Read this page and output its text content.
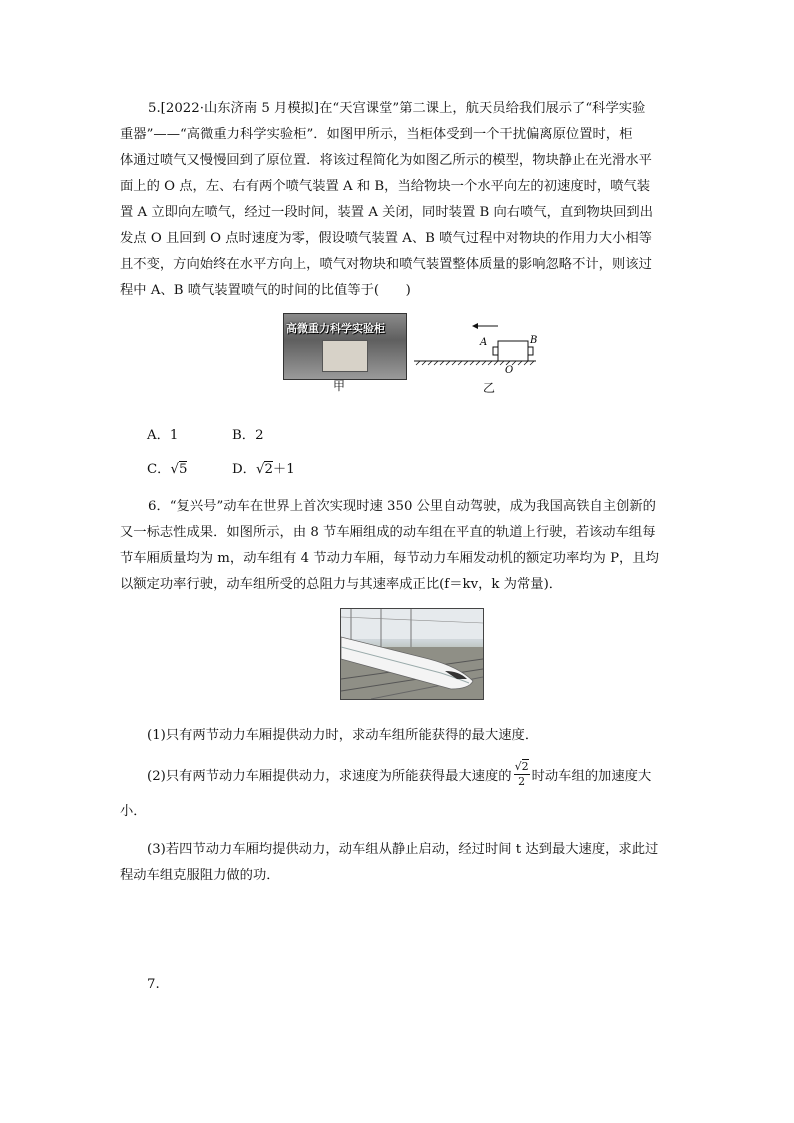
5.[2022·山东济南 5 月模拟]在“天宫课堂”第二课上，航天员给我们展示了“科学实验
重器”——“高微重力科学实验柜”．如图甲所示，当柜体受到一个干扰偏离原位置时，柜
体通过喷气又慢慢回到了原位置．将该过程简化为如图乙所示的模型，物块静止在光滑水平
面上的 O 点，左、右有两个喷气装置 A 和 B，当给物块一个水平向左的初速度时，喷气装
置 A 立即向左喷气，经过一段时间，装置 A 关闭，同时装置 B 向右喷气，直到物块回到出
发点 O 且回到 O 点时速度为零，假设喷气装置 A、B 喷气过程中对物块的作用力大小相等
且不变，方向始终在水平方向上，喷气对物块和喷气装置整体质量的影响忽略不计，则该过
程中 A、B 喷气装置喷气的时间的比值等于(　　)
高微重力科学实验柜
甲
A	B
O
乙
A．1	B．2
C．√5	D．√2＋1
6．“复兴号”动车在世界上首次实现时速 350 公里自动驾驶，成为我国高铁自主创新的
又一标志性成果．如图所示，由 8 节车厢组成的动车组在平直的轨道上行驶，若该动车组每
节车厢质量均为 m，动车组有 4 节动力车厢，每节动力车厢发动机的额定功率均为 P，且均
以额定功率行驶，动车组所受的总阻力与其速率成正比(f＝kv，k 为常量)．
(1)只有两节动力车厢提供动力时，求动车组所能获得的最大速度．
(2)只有两节动力车厢提供动力，求速度为所能获得最大速度的 $\frac{√2}{2}$ 时动车组的加速度大
小．
(3)若四节动力车厢均提供动力，动车组从静止启动，经过时间 t 达到最大速度，求此过
程动车组克服阻力做的功．
7.
